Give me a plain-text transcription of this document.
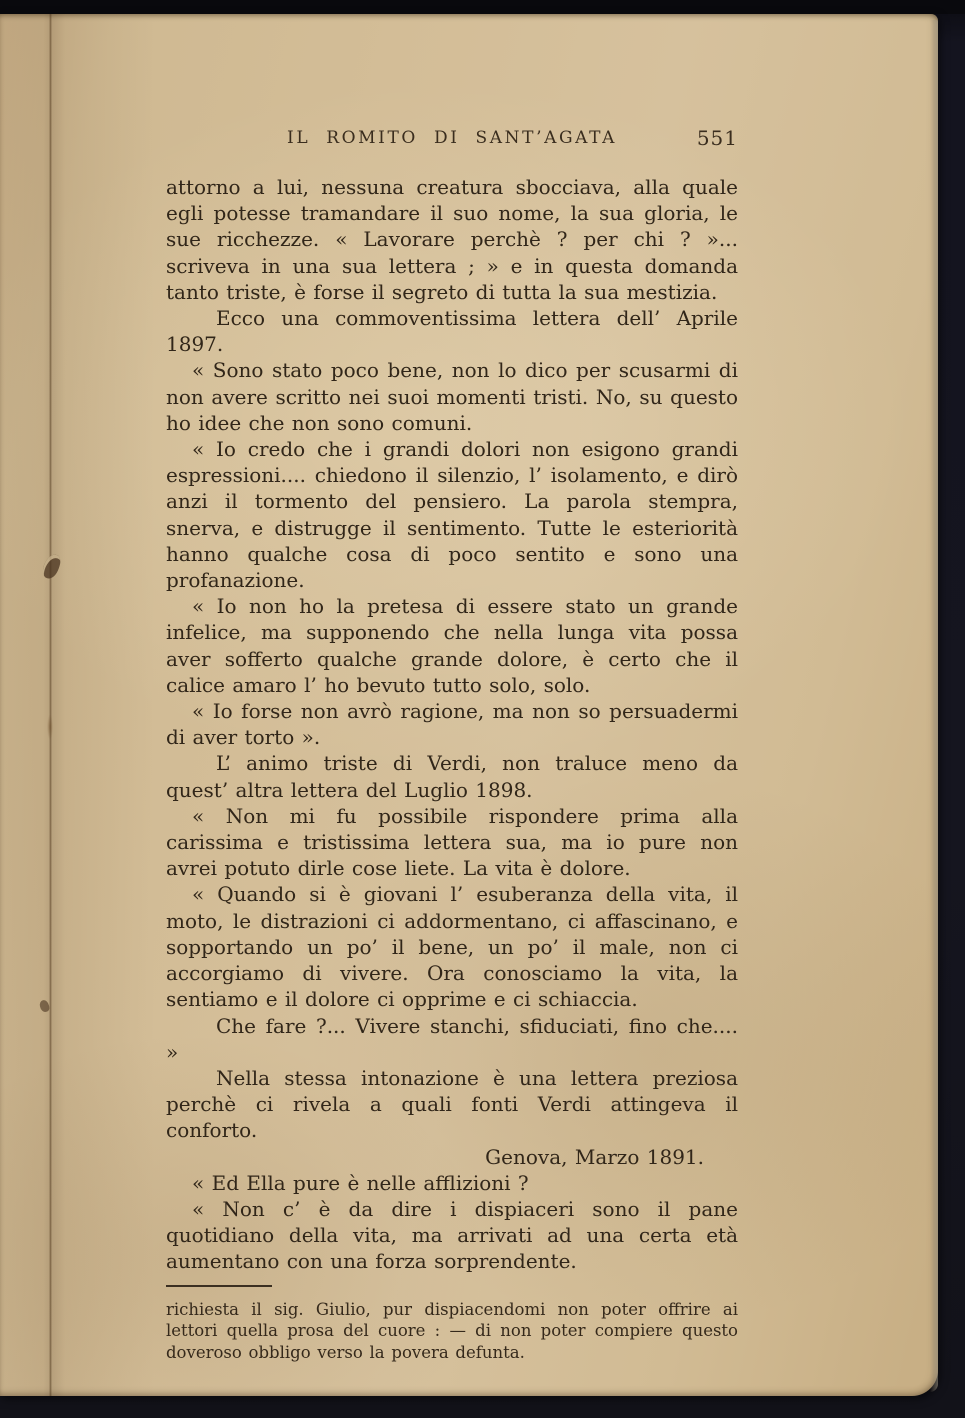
IL ROMITO DI SANT’AGATA	551

attorno a lui, nessuna creatura sbocciava, alla quale egli potesse tramandare il suo nome, la sua gloria, le sue ricchezze. « Lavorare perchè ? per chi ? »... scriveva in una sua lettera ; » e in questa domanda tanto triste, è forse il segreto di tutta la sua mestizia.

Ecco una commoventissima lettera dell’ Aprile 1897.

« Sono stato poco bene, non lo dico per scusarmi di non avere scritto nei suoi momenti tristi. No, su questo ho idee che non sono comuni.

« Io credo che i grandi dolori non esigono grandi espressioni.... chiedono il silenzio, l’ isolamento, e dirò anzi il tormento del pensiero. La parola stempra, snerva, e distrugge il sentimento. Tutte le esteriorità hanno qualche cosa di poco sentito e sono una profanazione.

« Io non ho la pretesa di essere stato un grande infelice, ma supponendo che nella lunga vita possa aver sofferto qualche grande dolore, è certo che il calice amaro l’ ho bevuto tutto solo, solo.

« Io forse non avrò ragione, ma non so persuadermi di aver torto ».

L’ animo triste di Verdi, non traluce meno da quest’ altra lettera del Luglio 1898.

« Non mi fu possibile rispondere prima alla carissima e tristissima lettera sua, ma io pure non avrei potuto dirle cose liete. La vita è dolore.

« Quando si è giovani l’ esuberanza della vita, il moto, le distrazioni ci addormentano, ci affascinano, e sopportando un po’ il bene, un po’ il male, non ci accorgiamo di vivere. Ora conosciamo la vita, la sentiamo e il dolore ci opprime e ci schiaccia.

Che fare ?... Vivere stanchi, sfiduciati, fino che.... »

Nella stessa intonazione è una lettera preziosa perchè ci rivela a quali fonti Verdi attingeva il conforto.

Genova, Marzo 1891.

« Ed Ella pure è nelle afflizioni ?

« Non c’ è da dire i dispiaceri sono il pane quotidiano della vita, ma arrivati ad una certa età aumentano con una forza sorprendente.

richiesta il sig. Giulio, pur dispiacendomi non poter offrire ai lettori quella prosa del cuore : — di non poter compiere questo doveroso obbligo verso la povera defunta.
